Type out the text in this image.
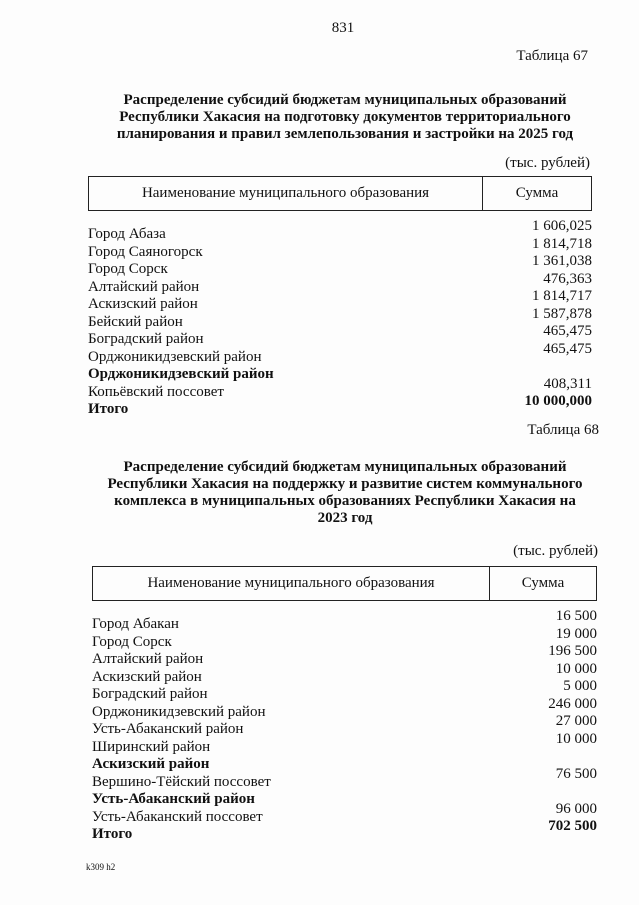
831
Таблица 67
Распределение субсидий бюджетам муниципальных образований Республики Хакасия на подготовку документов территориального планирования и правил землепользования и застройки на 2025 год
(тыс. рублей)
Наименование муниципального образования	Сумма
Город Абаза	1 606,025
Город Саяногорск	1 814,718
Город Сорск	1 361,038
Алтайский район	476,363
Аскизский район	1 814,717
Бейский район	1 587,878
Боградский район	465,475
Орджоникидзевский район	465,475
Орджоникидзевский район
Копьёвский поссовет	408,311
Итого	10 000,000
Таблица 68
Распределение субсидий бюджетам муниципальных образований Республики Хакасия на поддержку и развитие систем коммунального комплекса в муниципальных образованиях Республики Хакасия на 2023 год
(тыс. рублей)
Наименование муниципального образования	Сумма
Город Абакан	16 500
Город Сорск	19 000
Алтайский район	196 500
Аскизский район	10 000
Боградский район	5 000
Орджоникидзевский район	246 000
Усть-Абаканский район	27 000
Ширинский район	10 000
Аскизский район
Вершино-Тёйский поссовет	76 500
Усть-Абаканский район
Усть-Абаканский поссовет	96 000
Итого	702 500
k309 h2
